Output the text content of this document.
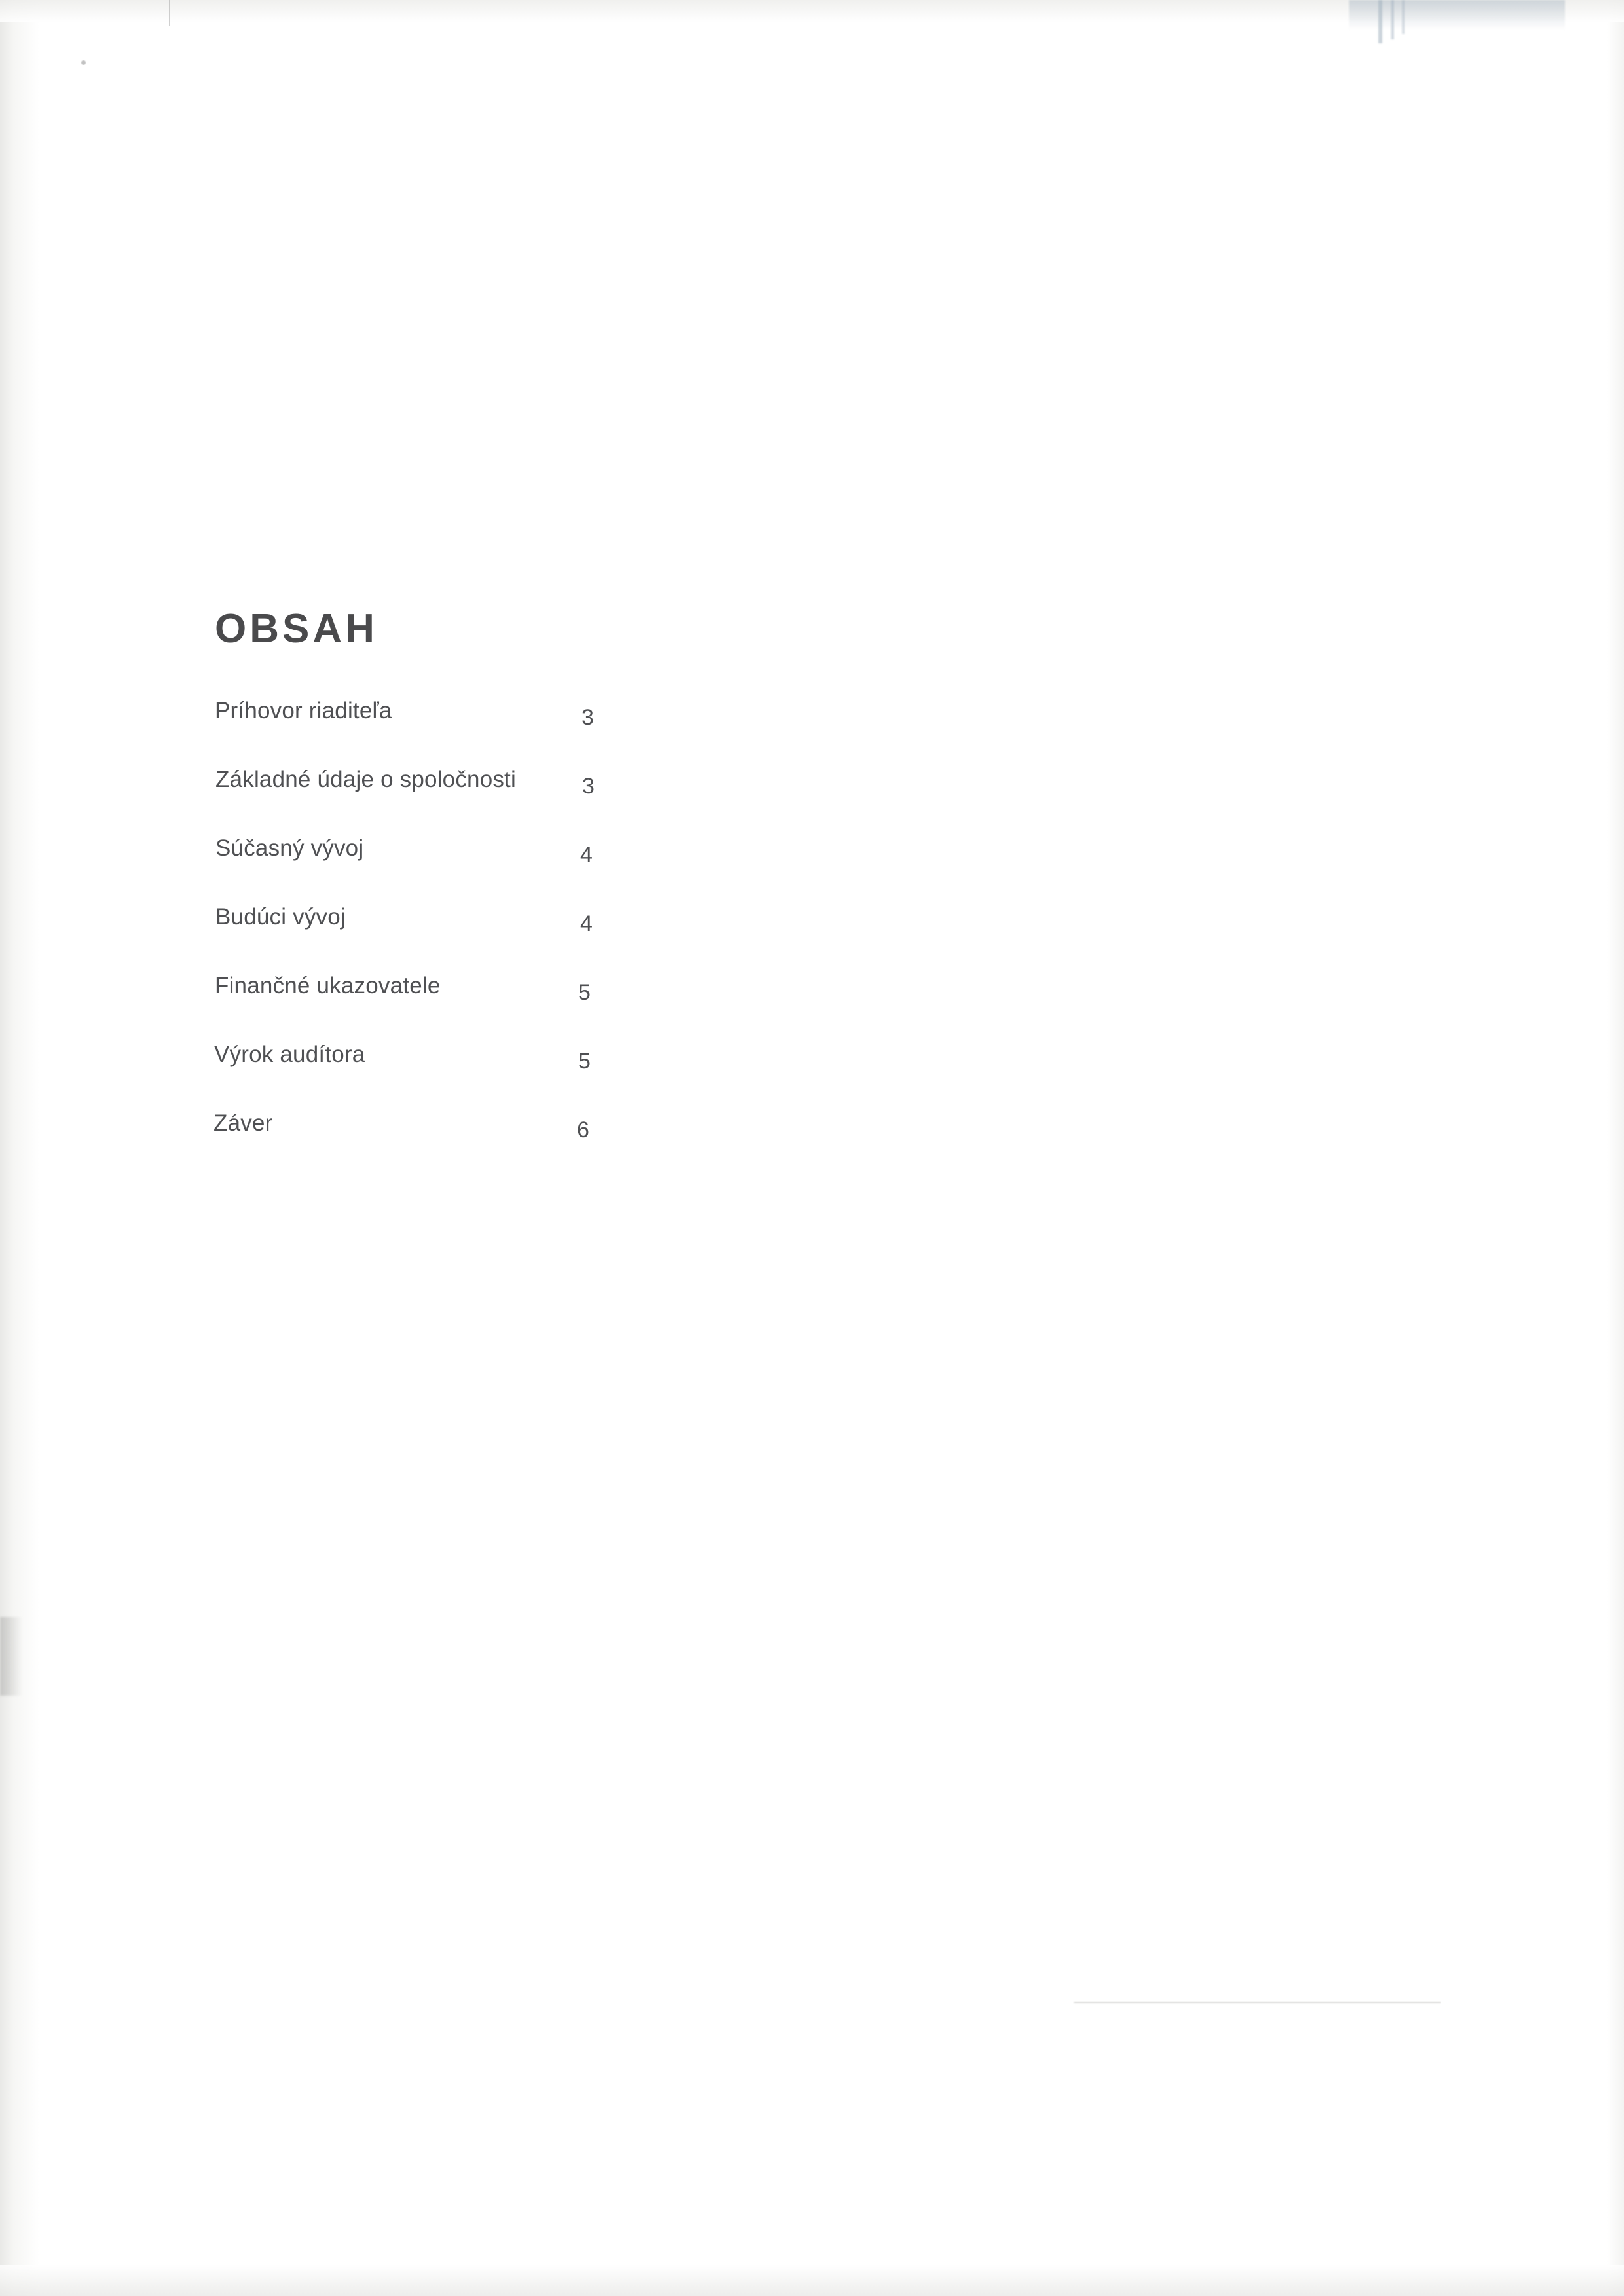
OBSAH
Príhovor riaditeľa	3
Základné údaje o spoločnosti	3
Súčasný vývoj	4
Budúci vývoj	4
Finančné ukazovatele	5
Výrok audítora	5
Záver	6
